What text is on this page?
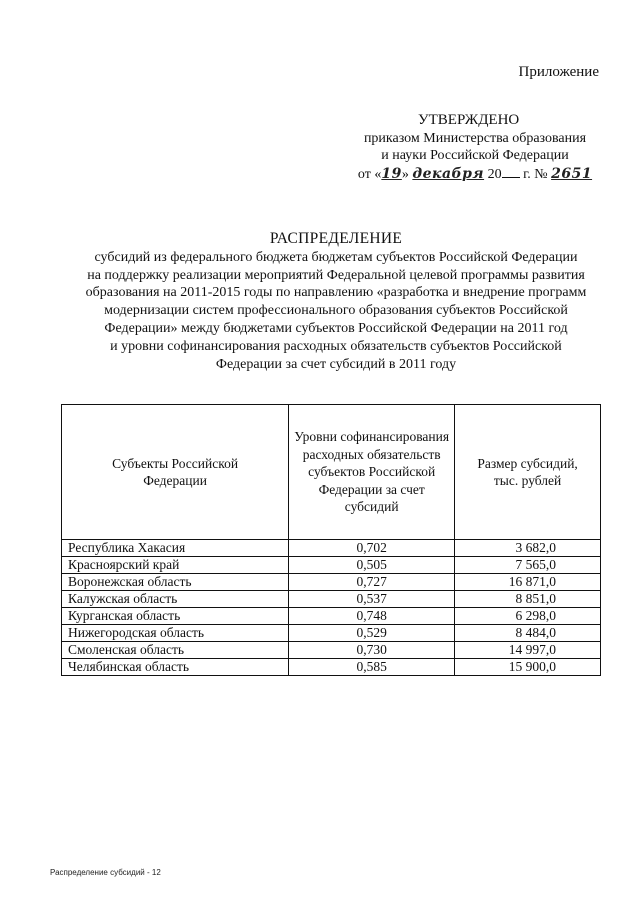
Приложение
УТВЕРЖДЕНО
приказом Министерства образования
и науки Российской Федерации
от «19» декабря 20 г. № 2651
РАСПРЕДЕЛЕНИЕ
субсидий из федерального бюджета бюджетам субъектов Российской Федерации
на поддержку реализации мероприятий Федеральной целевой программы развития
образования на 2011-2015 годы по направлению «разработка и внедрение программ
модернизации систем профессионального образования субъектов Российской
Федерации» между бюджетами субъектов Российской Федерации на 2011 год
и уровни софинансирования расходных обязательств субъектов Российской
Федерации за счет субсидий в 2011 году
Субъекты Российской Федерации	Уровни софинансирования расходных обязательств субъектов Российской Федерации за счет субсидий	Размер субсидий, тыс. рублей

Республика Хакасия	0,702	3 682,0
Красноярский край	0,505	7 565,0
Воронежская область	0,727	16 871,0
Калужская область	0,537	8 851,0
Курганская область	0,748	6 298,0
Нижегородская область	0,529	8 484,0
Смоленская область	0,730	14 997,0
Челябинская область	0,585	15 900,0
Распределение субсидий - 12
